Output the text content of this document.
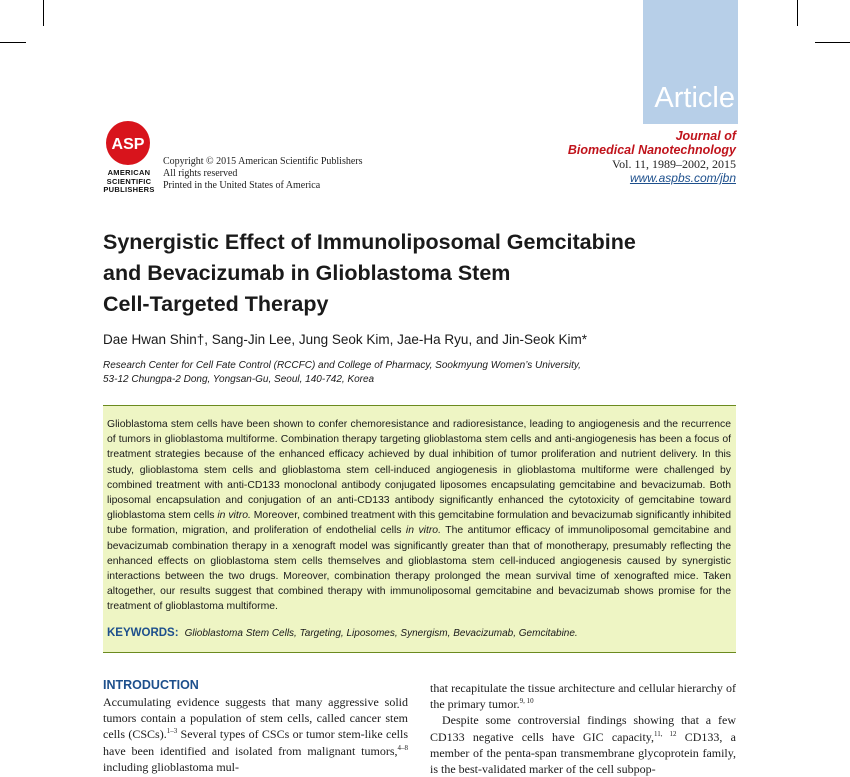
Article
ASP
AMERICAN
SCIENTIFIC
PUBLISHERS
Copyright © 2015 American Scientific Publishers
All rights reserved
Printed in the United States of America
Journal of
Biomedical Nanotechnology
Vol. 11, 1989–2002, 2015
www.aspbs.com/jbn
Synergistic Effect of Immunoliposomal Gemcitabine
and Bevacizumab in Glioblastoma Stem
Cell-Targeted Therapy
Dae Hwan Shin†, Sang-Jin Lee, Jung Seok Kim, Jae-Ha Ryu, and Jin-Seok Kim*
Research Center for Cell Fate Control (RCCFC) and College of Pharmacy, Sookmyung Women’s University,
53-12 Chungpa-2 Dong, Yongsan-Gu, Seoul, 140-742, Korea

Glioblastoma stem cells have been shown to confer chemoresistance and radioresistance, leading to angiogenesis and the recurrence of tumors in glioblastoma multiforme. Combination therapy targeting glioblastoma stem cells and anti-angiogenesis has been a focus of treatment strategies because of the enhanced efficacy achieved by dual inhibition of tumor proliferation and nutrient delivery. In this study, glioblastoma stem cells and glioblastoma stem cell-induced angiogenesis in glioblastoma multiforme were challenged by combined treatment with anti-CD133 monoclonal antibody conjugated liposomes encapsulating gemcitabine and bevacizumab. Both liposomal encapsulation and conjugation of an anti-CD133 antibody significantly enhanced the cytotoxicity of gemcitabine toward glioblastoma stem cells in vitro. Moreover, combined treatment with this gemcitabine formulation and bevacizumab significantly inhibited tube formation, migration, and proliferation of endothelial cells in vitro. The antitumor efficacy of immunoliposomal gemcitabine and bevacizumab combination therapy in a xenograft model was significantly greater than that of monotherapy, presumably reflecting the enhanced effects on glioblastoma stem cells themselves and glioblastoma stem cell-induced angiogenesis caused by synergistic interactions between the two drugs. Moreover, combination therapy prolonged the mean survival time of xenografted mice. Taken altogether, our results suggest that combined therapy with immunoliposomal gemcitabine and bevacizumab shows promise for the treatment of glioblastoma multiforme.

KEYWORDS: Glioblastoma Stem Cells, Targeting, Liposomes, Synergism, Bevacizumab, Gemcitabine.
INTRODUCTION

Accumulating evidence suggests that many aggressive solid tumors contain a population of stem cells, called cancer stem cells (CSCs).$^{1-3}$ Several types of CSCs or tumor stem-like cells have been identified and isolated from malignant tumors,$^{4-8}$ including glioblastoma mul-

that recapitulate the tissue architecture and cellular hierarchy of the primary tumor.$^{9, 10}$

Despite some controversial findings showing that a few CD133 negative cells have GIC capacity,$^{11, 12}$ CD133, a member of the penta-span transmembrane glycoprotein family, is the best-validated marker of the cell subpop-
